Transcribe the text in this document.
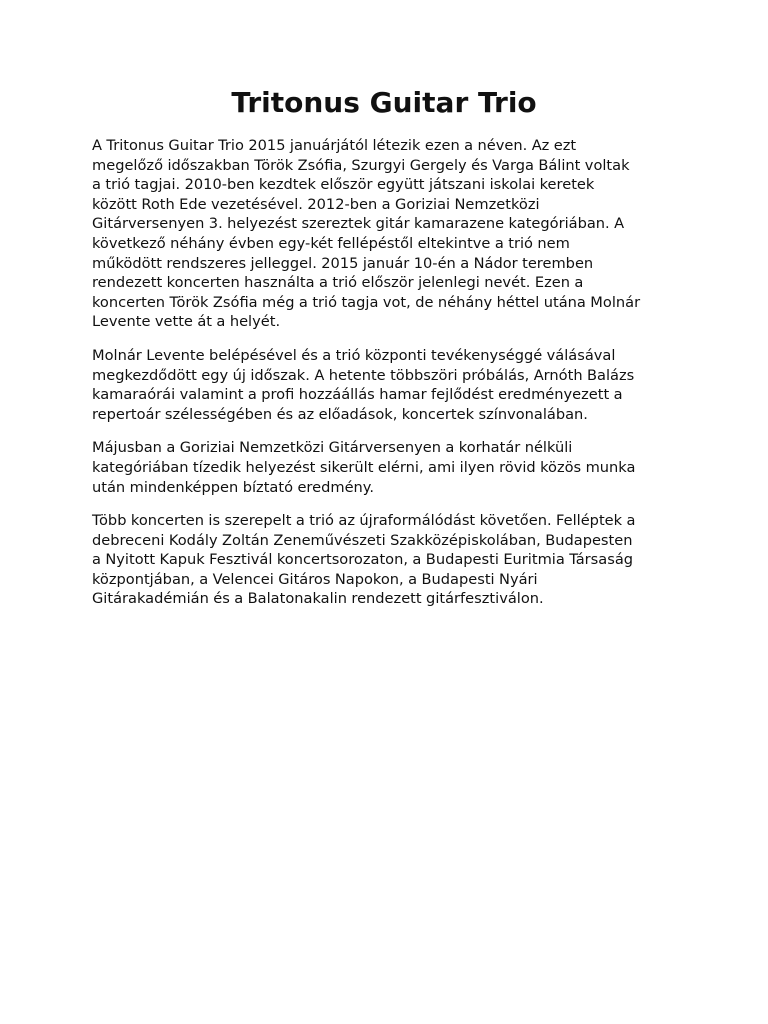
Tritonus Guitar Trio

A Tritonus Guitar Trio 2015 januárjától létezik ezen a néven. Az ezt
megelőző időszakban Török Zsófia, Szurgyi Gergely és Varga Bálint voltak
a trió tagjai. 2010-ben kezdtek először együtt játszani iskolai keretek
között Roth Ede vezetésével. 2012-ben a Goriziai Nemzetközi
Gitárversenyen 3. helyezést szereztek gitár kamarazene kategóriában. A
következő néhány évben egy-két fellépéstől eltekintve a trió nem
működött rendszeres jelleggel. 2015 január 10-én a Nádor teremben
rendezett koncerten használta a trió először jelenlegi nevét. Ezen a
koncerten Török Zsófia még a trió tagja vot, de néhány héttel utána Molnár
Levente vette át a helyét.

Molnár Levente belépésével és a trió központi tevékenységgé válásával
megkezdődött egy új időszak. A hetente többszöri próbálás, Arnóth Balázs
kamaraórái valamint a profi hozzáállás hamar fejlődést eredményezett a
repertoár szélességében és az előadások, koncertek színvonalában.

Májusban a Goriziai Nemzetközi Gitárversenyen a korhatár nélküli
kategóriában tízedik helyezést sikerült elérni, ami ilyen rövid közös munka
után mindenképpen bíztató eredmény.

Több koncerten is szerepelt a trió az újraformálódást követően. Felléptek a
debreceni Kodály Zoltán Zeneművészeti Szakközépiskolában, Budapesten
a Nyitott Kapuk Fesztivál koncertsorozaton, a Budapesti Euritmia Társaság
központjában, a Velencei Gitáros Napokon, a Budapesti Nyári
Gitárakadémián és a Balatonakalin rendezett gitárfesztiválon.
